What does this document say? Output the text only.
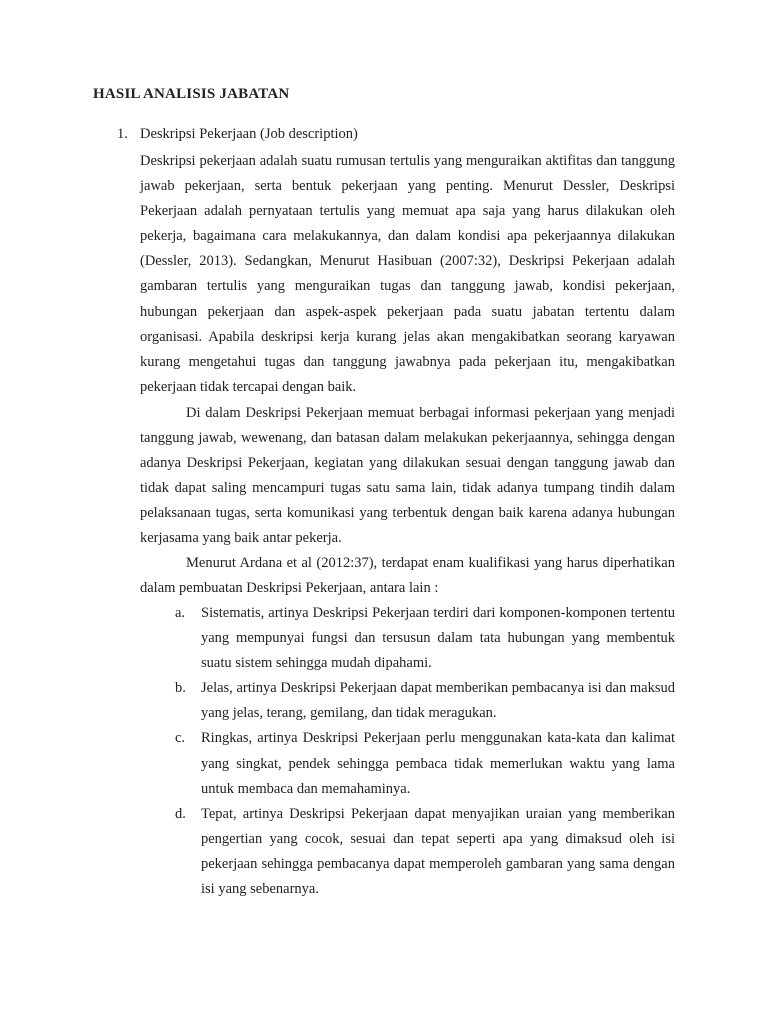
HASIL ANALISIS JABATAN
1. Deskripsi Pekerjaan (Job description)
Deskripsi pekerjaan adalah suatu rumusan tertulis yang menguraikan aktifitas dan tanggung jawab pekerjaan, serta bentuk pekerjaan yang penting. Menurut Dessler, Deskripsi Pekerjaan adalah pernyataan tertulis yang memuat apa saja yang harus dilakukan oleh pekerja, bagaimana cara melakukannya, dan dalam kondisi apa pekerjaannya dilakukan (Dessler, 2013). Sedangkan, Menurut Hasibuan (2007:32), Deskripsi Pekerjaan adalah gambaran tertulis yang menguraikan tugas dan tanggung jawab, kondisi pekerjaan, hubungan pekerjaan dan aspek-aspek pekerjaan pada suatu jabatan tertentu dalam organisasi. Apabila deskripsi kerja kurang jelas akan mengakibatkan seorang karyawan kurang mengetahui tugas dan tanggung jawabnya pada pekerjaan itu, mengakibatkan pekerjaan tidak tercapai dengan baik.
Di dalam Deskripsi Pekerjaan memuat berbagai informasi pekerjaan yang menjadi tanggung jawab, wewenang, dan batasan dalam melakukan pekerjaannya, sehingga dengan adanya Deskripsi Pekerjaan, kegiatan yang dilakukan sesuai dengan tanggung jawab dan tidak dapat saling mencampuri tugas satu sama lain, tidak adanya tumpang tindih dalam pelaksanaan tugas, serta komunikasi yang terbentuk dengan baik karena adanya hubungan kerjasama yang baik antar pekerja.
Menurut Ardana et al (2012:37), terdapat enam kualifikasi yang harus diperhatikan dalam pembuatan Deskripsi Pekerjaan, antara lain :
a. Sistematis, artinya Deskripsi Pekerjaan terdiri dari komponen-komponen tertentu yang mempunyai fungsi dan tersusun dalam tata hubungan yang membentuk suatu sistem sehingga mudah dipahami.
b. Jelas, artinya Deskripsi Pekerjaan dapat memberikan pembacanya isi dan maksud yang jelas, terang, gemilang, dan tidak meragukan.
c. Ringkas, artinya Deskripsi Pekerjaan perlu menggunakan kata-kata dan kalimat yang singkat, pendek sehingga pembaca tidak memerlukan waktu yang lama untuk membaca dan memahaminya.
d. Tepat, artinya Deskripsi Pekerjaan dapat menyajikan uraian yang memberikan pengertian yang cocok, sesuai dan tepat seperti apa yang dimaksud oleh isi pekerjaan sehingga pembacanya dapat memperoleh gambaran yang sama dengan isi yang sebenarnya.
